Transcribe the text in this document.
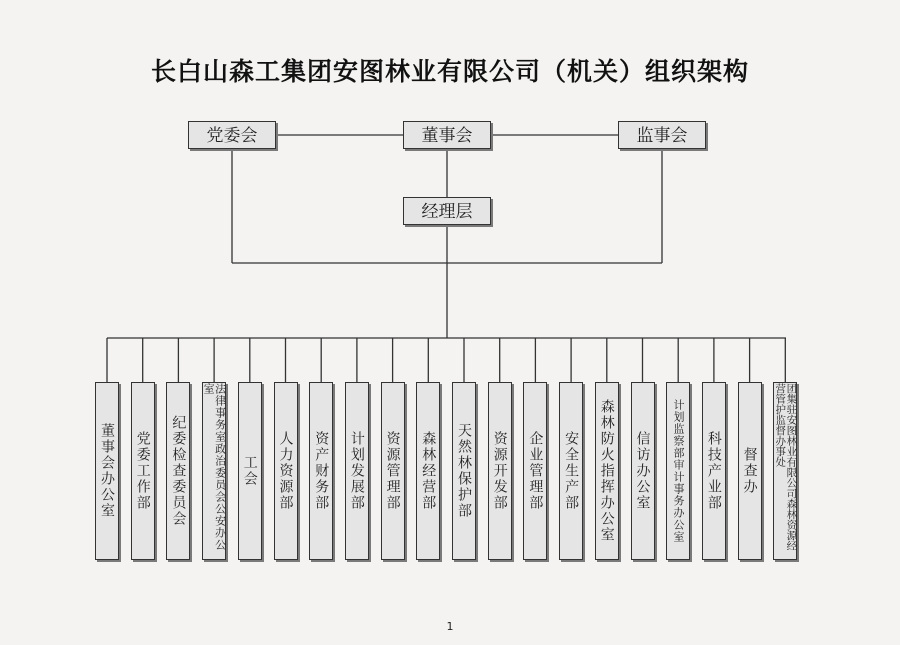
长白山森工集团安图林业有限公司（机关）组织架构
党委会	董事会	监事会
经理层
董事会办公室 党委工作部 纪委检查委员会	法律事务室政治委员会公安办公室
工会 人力资源部 资产财务部 计划发展部 资源管理部 森林经营部 天然林保护部 资源开发部 企业管理部 安全生产部 森林防火指挥办公室 信访办公室 计划监察部审计事务办公室 科技产业部 督查办	团集驻安图林业有限公司森林资源经营管护监督办事处
1
